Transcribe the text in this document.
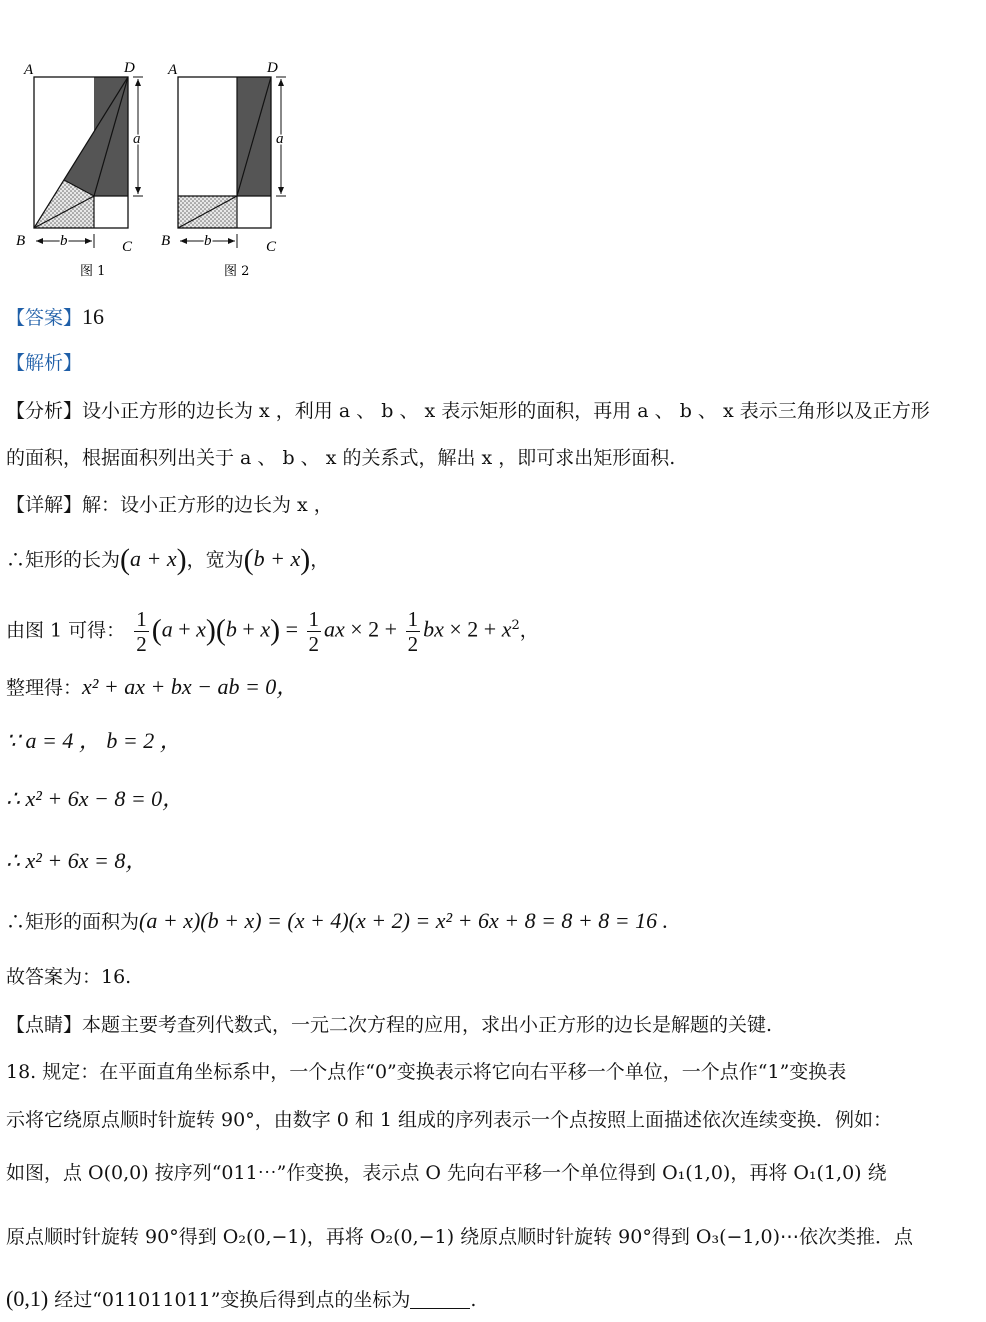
A	D
B	C
a
b
图 1
A	D
B	C
a
b
图 2
【答案】16
【解析】
【分析】设小正方形的边长为 x ，利用 a 、 b 、 x 表示矩形的面积，再用 a 、 b 、 x 表示三角形以及正方形
的面积，根据面积列出关于 a 、 b 、 x 的关系式，解出 x ，即可求出矩形面积.
【详解】解：设小正方形的边长为 x ，
∴矩形的长为(a + x)，宽为(b + x)，
由图 1 可得： $\frac{1}{2} (a + x)(b + x) = \frac{1}{2}$ ax × $2 + \frac{1}{2}$ bx × $2 + x^2$，
整理得：x² + ax + bx − ab = 0，
∵ a = 4 ， b = 2 ，
∴ x² + 6x − 8 = 0，
∴ x² + 6x = 8，
∴矩形的面积为(a + x)(b + x) = (x + 4)(x + 2) = x² + 6x + 8 = 8 + 8 = 16 .
故答案为：16.
【点睛】本题主要考查列代数式，一元二次方程的应用，求出小正方形的边长是解题的关键.
18. 规定：在平面直角坐标系中，一个点作“0”变换表示将它向右平移一个单位，一个点作“1”变换表
示将它绕原点顺时针旋转 90°，由数字 0 和 1 组成的序列表示一个点按照上面描述依次连续变换．例如：
如图，点 O(0,0) 按序列“011⋯”作变换，表示点 O 先向右平移一个单位得到 O₁(1,0)，再将 O₁(1,0) 绕
原点顺时针旋转 90°得到 O₂(0,−1)，再将 O₂(0,−1) 绕原点顺时针旋转 90°得到 O₃(−1,0)⋯依次类推．点
(0,1) 经过“011011011”变换后得到点的坐标为	.
